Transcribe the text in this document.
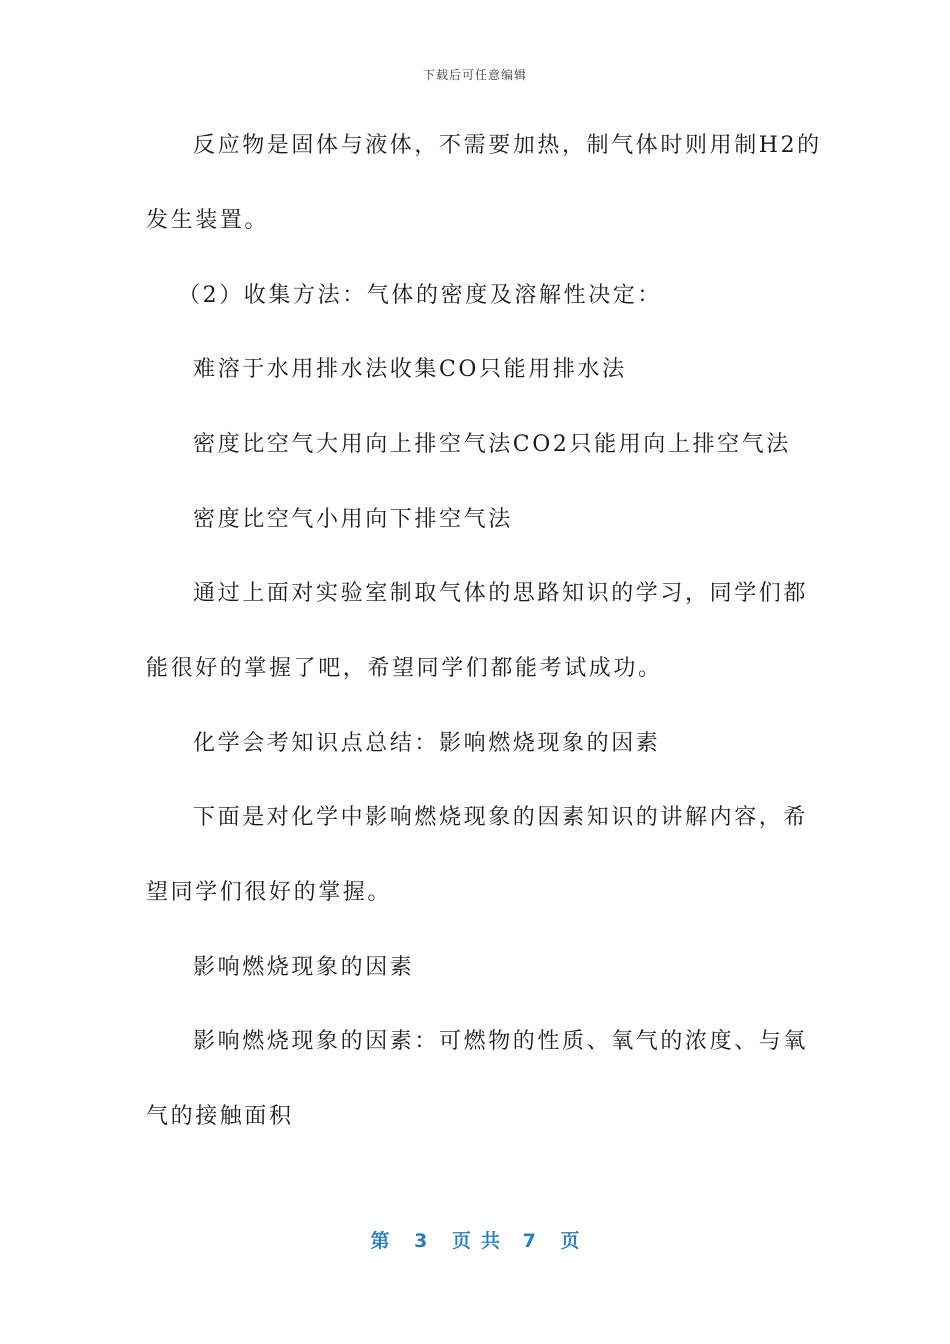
下载后可任意编辑
反应物是固体与液体，不需要加热，制气体时则用制H2的
发生装置。
（2）收集方法：气体的密度及溶解性决定：
难溶于水用排水法收集CO只能用排水法
密度比空气大用向上排空气法CO2只能用向上排空气法
密度比空气小用向下排空气法
通过上面对实验室制取气体的思路知识的学习，同学们都
能很好的掌握了吧，希望同学们都能考试成功。
化学会考知识点总结：影响燃烧现象的因素
下面是对化学中影响燃烧现象的因素知识的讲解内容，希
望同学们很好的掌握。
影响燃烧现象的因素
影响燃烧现象的因素：可燃物的性质、氧气的浓度、与氧
气的接触面积
第 3 页共 7 页
